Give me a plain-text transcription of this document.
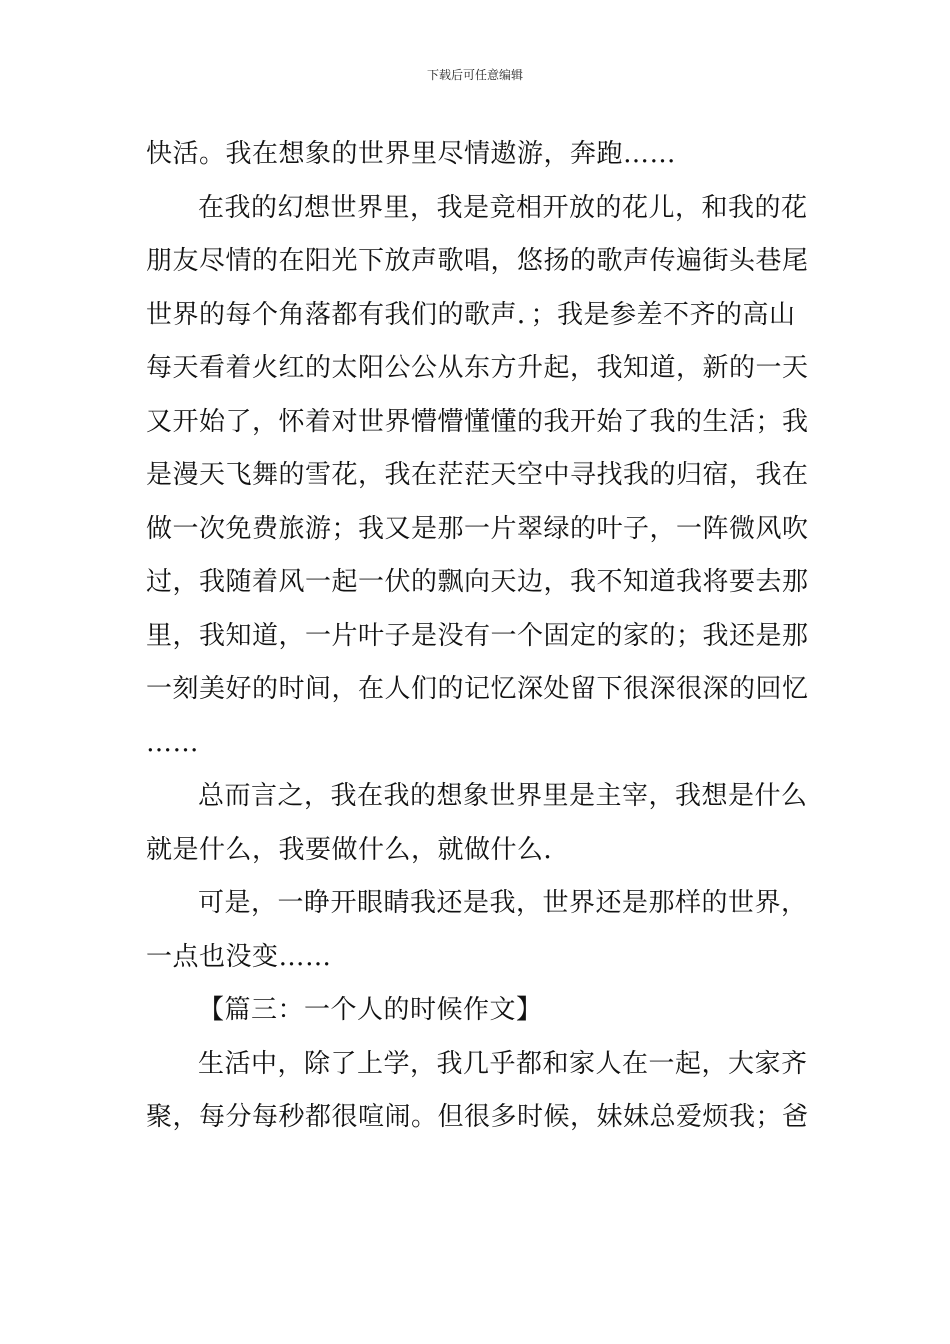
下载后可任意编辑
快活。我在想象的世界里尽情遨游，奔跑……
在我的幻想世界里，我是竞相开放的花儿，和我的花
朋友尽情的在阳光下放声歌唱，悠扬的歌声传遍街头巷尾
世界的每个角落都有我们的歌声．；我是参差不齐的高山
每天看着火红的太阳公公从东方升起，我知道，新的一天
又开始了，怀着对世界懵懵懂懂的我开始了我的生活；我
是漫天飞舞的雪花，我在茫茫天空中寻找我的归宿，我在
做一次免费旅游；我又是那一片翠绿的叶子，一阵微风吹
过，我随着风一起一伏的飘向天边，我不知道我将要去那
里，我知道，一片叶子是没有一个固定的家的；我还是那
一刻美好的时间，在人们的记忆深处留下很深很深的回忆
……
总而言之，我在我的想象世界里是主宰，我想是什么
就是什么，我要做什么，就做什么．
可是，一睁开眼睛我还是我，世界还是那样的世界，
一点也没变……
【篇三：一个人的时候作文】
生活中，除了上学，我几乎都和家人在一起，大家齐
聚，每分每秒都很喧闹。但很多时候，妹妹总爱烦我；爸
